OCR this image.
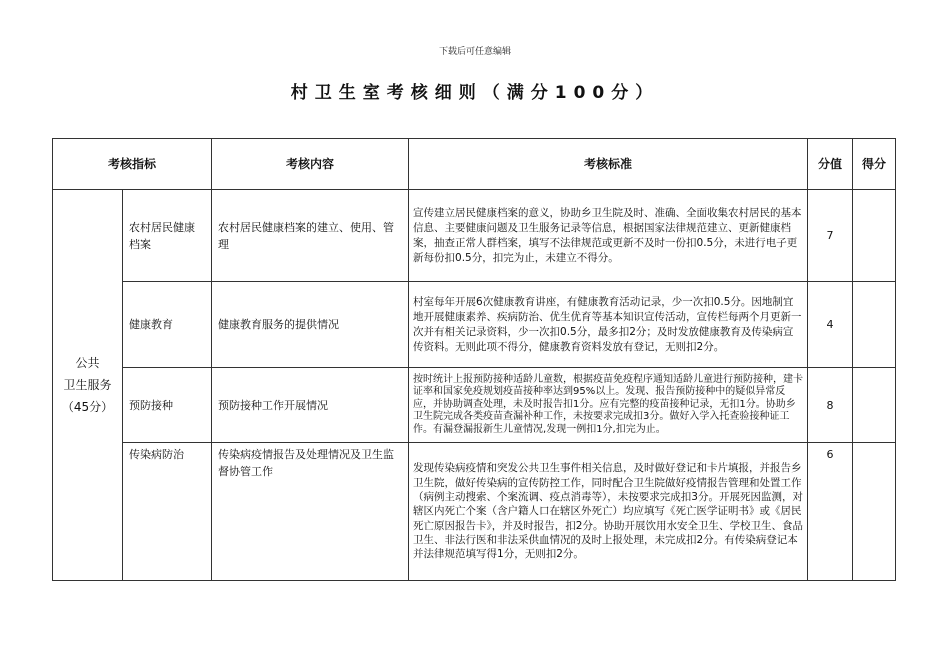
下载后可任意编辑
村卫生室考核细则（满分100分）
考核指标		考核内容	考核标准	分值	得分

公共
卫生服务
（45分）	农村居民健康档案	农村居民健康档案的建立、使用、管理	宣传建立居民健康档案的意义，协助乡卫生院及时、准确、全面收集农村居民的基本信息、主要健康问题及卫生服务记录等信息，根据国家法律规范建立、更新健康档案，抽查正常人群档案，填写不法律规范或更新不及时一份扣0.5分，未进行电子更新每份扣0.5分，扣完为止，未建立不得分。	7	
	健康教育	健康教育服务的提供情况	村室每年开展6次健康教育讲座，有健康教育活动记录，少一次扣0.5分。因地制宜地开展健康素养、疾病防治、优生优育等基本知识宣传活动，宣传栏每两个月更新一次并有相关记录资料，少一次扣0.5分，最多扣2分；及时发放健康教育及传染病宣传资料。无则此项不得分，健康教育资料发放有登记，无则扣2分。	4	
	预防接种	预防接种工作开展情况	按时统计上报预防接种适龄儿童数，根据疫苗免疫程序通知适龄儿童进行预防接种，建卡证率和国家免疫规划疫苗接种率达到95%以上。发现、报告预防接种中的疑似异常反应，并协助调查处理，未及时报告扣1分。应有完整的疫苗接种记录，无扣1分。协助乡卫生院完成各类疫苗查漏补种工作，未按要求完成扣3分。做好入学入托查验接种证工作。有漏登漏报新生儿童情况,发现一例扣1分,扣完为止。	8	
	传染病防治	传染病疫情报告及处理情况及卫生监督协管工作	发现传染病疫情和突发公共卫生事件相关信息，及时做好登记和卡片填报，并报告乡卫生院，做好传染病的宣传防控工作，同时配合卫生院做好疫情报告管理和处置工作（病例主动搜索、个案流调、疫点消毒等），未按要求完成扣3分。开展死因监测，对辖区内死亡个案（含户籍人口在辖区外死亡）均应填写《死亡医学证明书》或《居民死亡原因报告卡》，并及时报告，扣2分。协助开展饮用水安全卫生、学校卫生、食品卫生、非法行医和非法采供血情况的及时上报处理，未完成扣2分。有传染病登记本并法律规范填写得1分，无则扣2分。	6	
